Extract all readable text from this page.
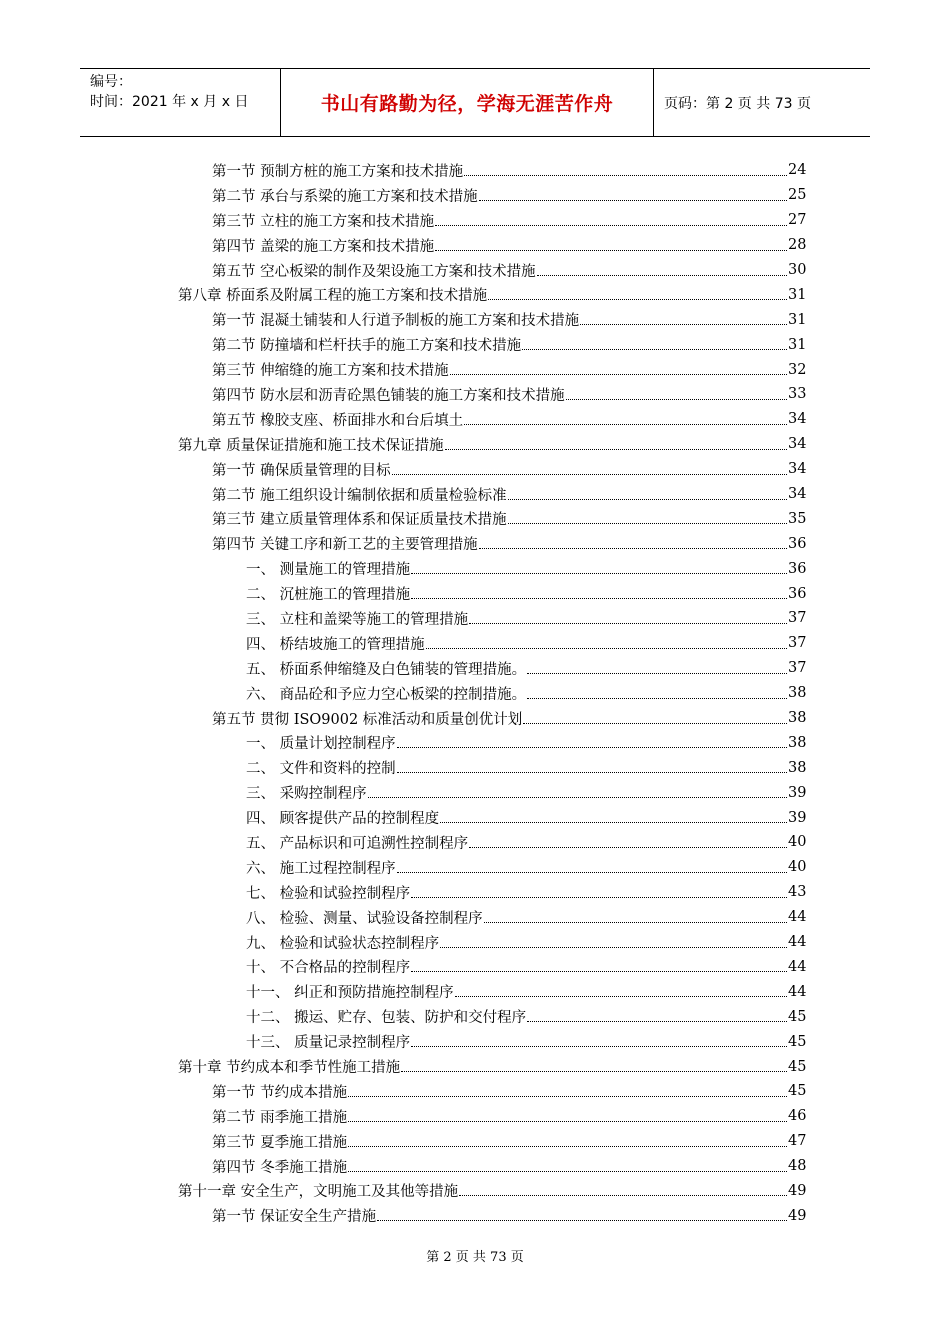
编号：
时间：2021 年 x 月 x 日	书山有路勤为径，学海无涯苦作舟	页码：第 2 页 共 73 页
第一节 预制方桩的施工方案和技术措施	24
第二节 承台与系梁的施工方案和技术措施	25
第三节 立柱的施工方案和技术措施	27
第四节 盖梁的施工方案和技术措施	28
第五节 空心板梁的制作及架设施工方案和技术措施	30
第八章 桥面系及附属工程的施工方案和技术措施	31
第一节 混凝土铺装和人行道予制板的施工方案和技术措施	31
第二节 防撞墙和栏杆扶手的施工方案和技术措施	31
第三节 伸缩缝的施工方案和技术措施	32
第四节 防水层和沥青砼黑色铺装的施工方案和技术措施	33
第五节 橡胶支座、桥面排水和台后填土	34
第九章 质量保证措施和施工技术保证措施	34
第一节 确保质量管理的目标	34
第二节 施工组织设计编制依据和质量检验标准	34
第三节 建立质量管理体系和保证质量技术措施	35
第四节 关键工序和新工艺的主要管理措施	36
一、 测量施工的管理措施	36
二、 沉桩施工的管理措施	36
三、 立柱和盖梁等施工的管理措施	37
四、 桥结坡施工的管理措施	37
五、 桥面系伸缩缝及白色铺装的管理措施。	37
六、 商品砼和予应力空心板梁的控制措施。	38
第五节 贯彻 ISO9002 标准活动和质量创优计划	38
一、 质量计划控制程序	38
二、 文件和资料的控制	38
三、 采购控制程序	39
四、 顾客提供产品的控制程度	39
五、 产品标识和可追溯性控制程序	40
六、 施工过程控制程序	40
七、 检验和试验控制程序	43
八、 检验、测量、试验设备控制程序	44
九、 检验和试验状态控制程序	44
十、 不合格品的控制程序	44
十一、 纠正和预防措施控制程序	44
十二、 搬运、贮存、包装、防护和交付程序	45
十三、 质量记录控制程序	45
第十章 节约成本和季节性施工措施	45
第一节 节约成本措施	45
第二节 雨季施工措施	46
第三节 夏季施工措施	47
第四节 冬季施工措施	48
第十一章 安全生产，文明施工及其他等措施	49
第一节 保证安全生产措施	49
第 2 页 共 73 页
